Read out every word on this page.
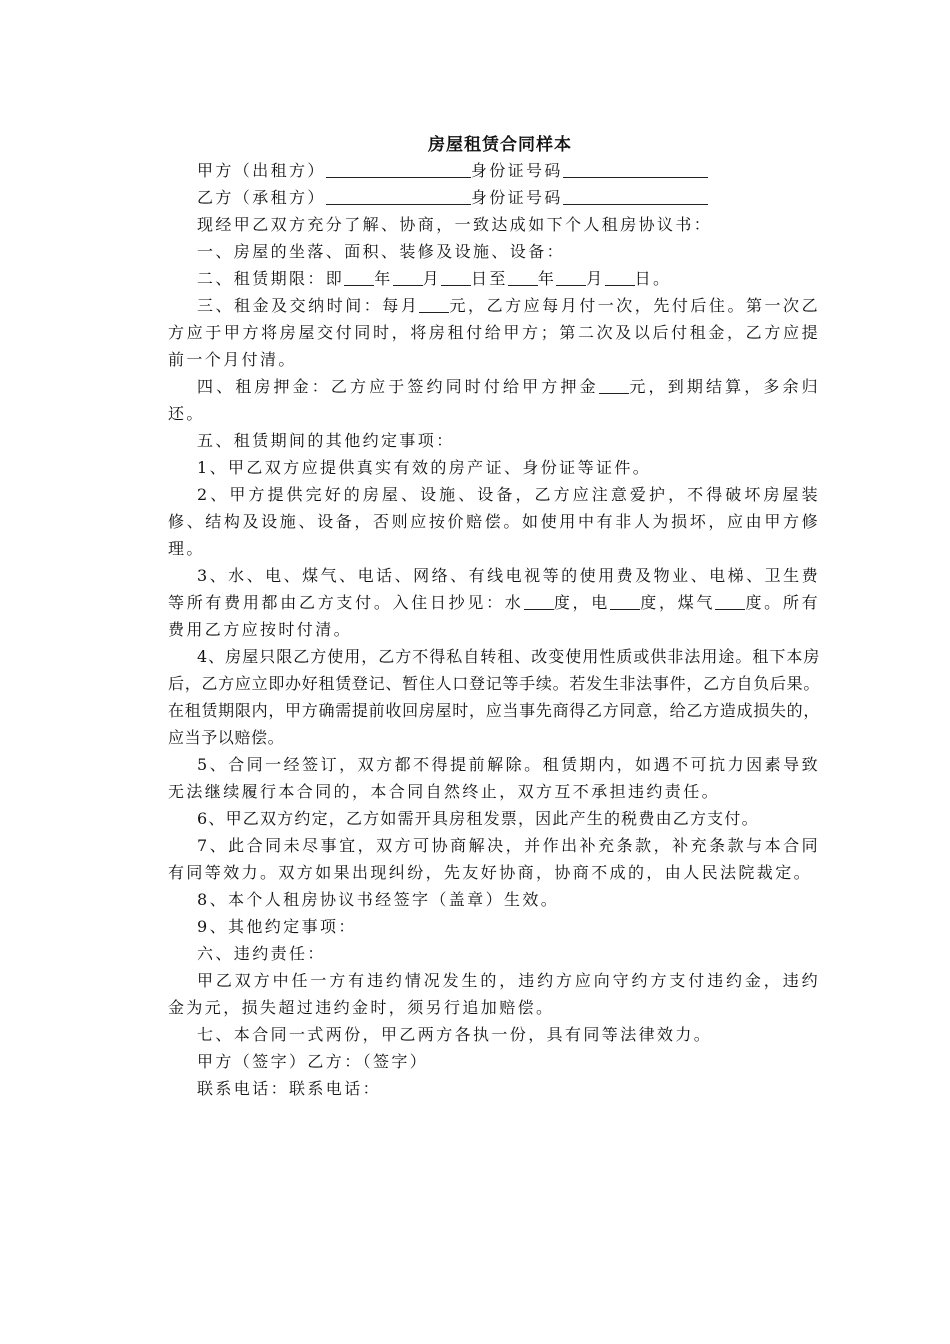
房屋租赁合同样本

甲方（出租方）	身份证号码

乙方（承租方）	身份证号码

现经甲乙双方充分了解、协商，一致达成如下个人租房协议书：

一、房屋的坐落、面积、装修及设施、设备：

二、租赁期限：即 年 月 日至 年 月 日。

三、租金及交纳时间：每月 元，乙方应每月付一次，先付后住。第一次乙方应于甲方将房屋交付同时，将房租付给甲方；第二次及以后付租金，乙方应提前一个月付清。

四、租房押金：乙方应于签约同时付给甲方押金 元，到期结算，多余归还。

五、租赁期间的其他约定事项：

1、甲乙双方应提供真实有效的房产证、身份证等证件。

2、甲方提供完好的房屋、设施、设备，乙方应注意爱护，不得破坏房屋装修、结构及设施、设备，否则应按价赔偿。如使用中有非人为损坏，应由甲方修理。

3、水、电、煤气、电话、网络、有线电视等的使用费及物业、电梯、卫生费等所有费用都由乙方支付。入住日抄见：水 度，电 度，煤气 度。所有费用乙方应按时付清。

4、房屋只限乙方使用，乙方不得私自转租、改变使用性质或供非法用途。租下本房后，乙方应立即办好租赁登记、暂住人口登记等手续。若发生非法事件，乙方自负后果。在租赁期限内，甲方确需提前收回房屋时，应当事先商得乙方同意，给乙方造成损失的，应当予以赔偿。

5、合同一经签订，双方都不得提前解除。租赁期内，如遇不可抗力因素导致无法继续履行本合同的，本合同自然终止，双方互不承担违约责任。

6、甲乙双方约定，乙方如需开具房租发票，因此产生的税费由乙方支付。

7、此合同未尽事宜，双方可协商解决，并作出补充条款，补充条款与本合同有同等效力。双方如果出现纠纷，先友好协商，协商不成的，由人民法院裁定。

8、本个人租房协议书经签字（盖章）生效。

9、其他约定事项：

六、违约责任：

甲乙双方中任一方有违约情况发生的，违约方应向守约方支付违约金，违约金为元，损失超过违约金时，须另行追加赔偿。

七、本合同一式两份，甲乙两方各执一份，具有同等法律效力。

甲方（签字）乙方：（签字）

联系电话：联系电话：
